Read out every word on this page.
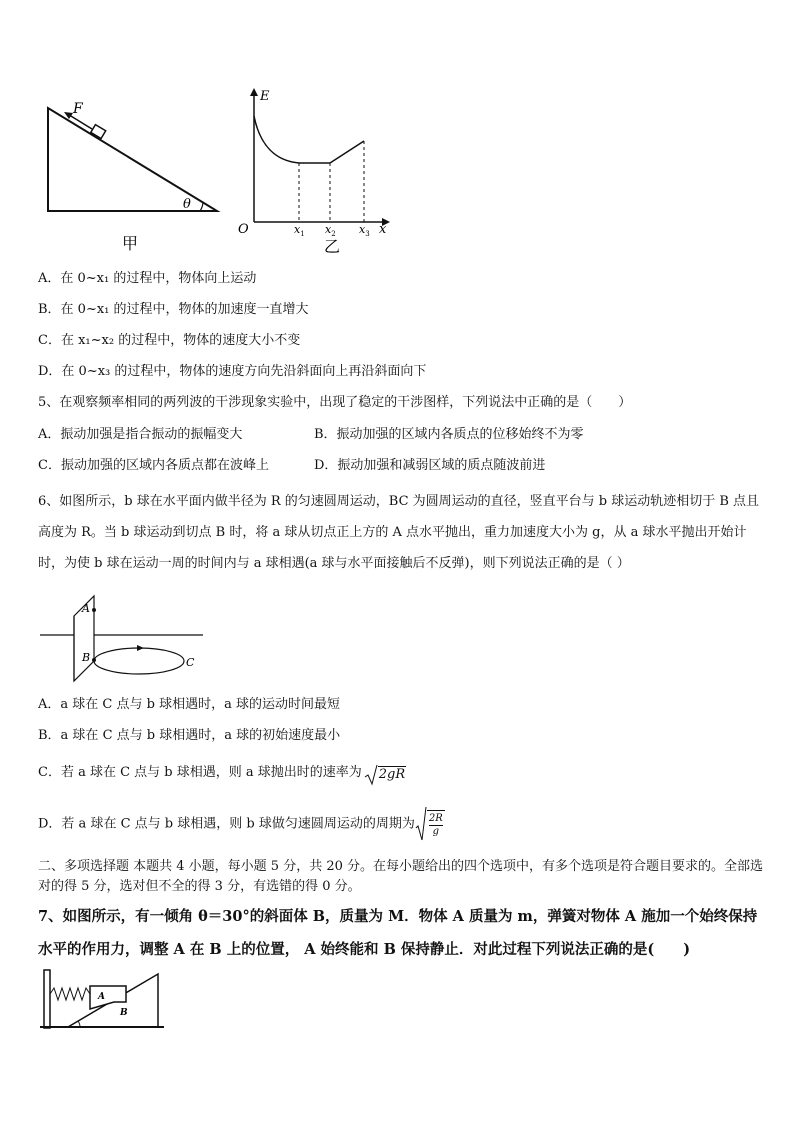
F
θ
甲
E
O	x
$x_1$ $x_2$ $x_3$
乙
A．在 0~x₁ 的过程中，物体向上运动
B．在 0~x₁ 的过程中，物体的加速度一直增大
C．在 x₁~x₂ 的过程中，物体的速度大小不变
D．在 0~x₃ 的过程中，物体的速度方向先沿斜面向上再沿斜面向下
5、在观察频率相同的两列波的干涉现象实验中，出现了稳定的干涉图样，下列说法中正确的是（　　）
A．振动加强是指合振动的振幅变大	B．振动加强的区域内各质点的位移始终不为零
C．振动加强的区域内各质点都在波峰上	D．振动加强和减弱区域的质点随波前进
6、如图所示，b 球在水平面内做半径为 R 的匀速圆周运动，BC 为圆周运动的直径，竖直平台与 b 球运动轨迹相切于 B 点且高度为 R。当 b 球运动到切点 B 时，将 a 球从切点正上方的 A 点水平抛出，重力加速度大小为 g，从 a 球水平抛出开始计时，为使 b 球在运动一周的时间内与 a 球相遇(a 球与水平面接触后不反弹)，则下列说法正确的是（ ）
A
B	C
A．a 球在 C 点与 b 球相遇时，a 球的运动时间最短
B．a 球在 C 点与 b 球相遇时，a 球的初始速度最小
C．若 a 球在 C 点与 b 球相遇，则 a 球抛出时的速率为 2gR
D．若 a 球在 C 点与 b 球相遇，则 b 球做匀速圆周运动的周期为 $\frac{2R}{g}$
二、多项选择题 本题共 4 小题，每小题 5 分，共 20 分。在每小题给出的四个选项中，有多个选项是符合题目要求的。全部选对的得 5 分，选对但不全的得 3 分，有选错的得 0 分。
7、如图所示，有一倾角 θ＝30°的斜面体 B，质量为 M．物体 A 质量为 m，弹簧对物体 A 施加一个始终保持水平的作用力，调整 A 在 B 上的位置， A 始终能和 B 保持静止．对此过程下列说法正确的是(　　)
A
B
